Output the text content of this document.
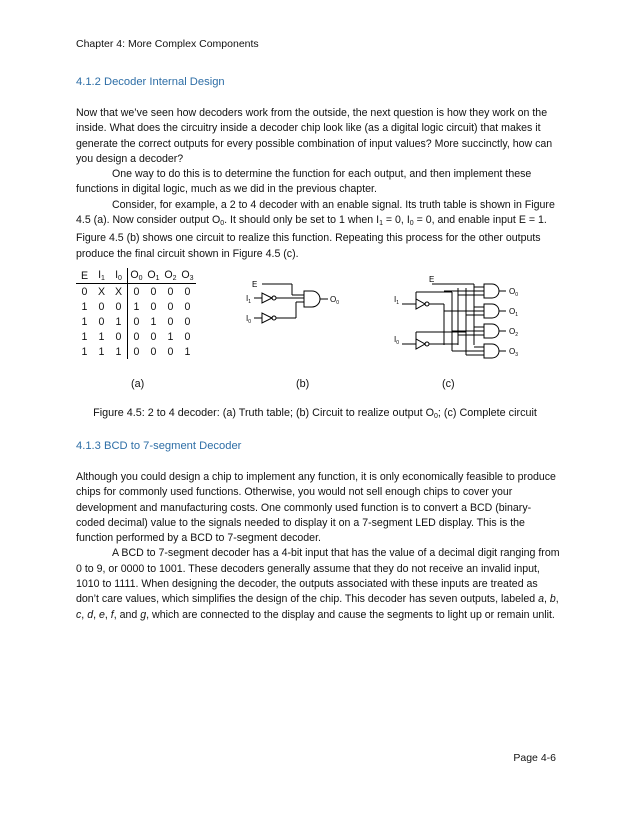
Chapter 4: More Complex Components
4.1.2 Decoder Internal Design

Now that we’ve seen how decoders work from the outside, the next question is how they work on the inside. What does the circuitry inside a decoder chip look like (as a digital logic circuit) that makes it generate the correct outputs for every possible combination of input values? More succinctly, how can you design a decoder?

One way to do this is to determine the function for each output, and then implement these functions in digital logic, much as we did in the previous chapter.

Consider, for example, a 2 to 4 decoder with an enable signal. Its truth table is shown in Figure 4.5 (a). Now consider output $O_0$. It should only be set to 1 when $I_1 = 0$, $I_0 = 0$, and enable input E = 1. Figure 4.5 (b) shows one circuit to realize this function. Repeating this process for the other outputs produce the final circuit shown in Figure 4.5 (c).

E	$I_1$	$I_0$	$O_0$	$O_1$	$O_2$	$O_3$
0	X	X	0	0	0	0
1	0	0	1	0	0	0
1	0	1	0	1	0	0
1	1	0	0	0	1	0
1	1	1	0	0	0	1
E
$I_1$
$I_0$
$O_0$
E
$I_1$
$I_0$
$O_0$
$O_1$
$O_2$
$O_3$
(a)	(b)	(c)
Figure 4.5: 2 to 4 decoder: (a) Truth table; (b) Circuit to realize output $O_0$; (c) Complete circuit
4.1.3 BCD to 7-segment Decoder

Although you could design a chip to implement any function, it is only economically feasible to produce chips for commonly used functions. Otherwise, you would not sell enough chips to cover your development and manufacturing costs. One commonly used function is to convert a BCD (binary-coded decimal) value to the signals needed to display it on a 7-segment LED display. This is the function performed by a BCD to 7-segment decoder.

A BCD to 7-segment decoder has a 4-bit input that has the value of a decimal digit ranging from 0 to 9, or 0000 to 1001. These decoders generally assume that they do not receive an invalid input, 1010 to 1111. When designing the decoder, the outputs associated with these inputs are treated as don’t care values, which simplifies the design of the chip. This decoder has seven outputs, labeled a, b, c, d, e, f, and g, which are connected to the display and cause the segments to light up or remain unlit.

Page 4-6
